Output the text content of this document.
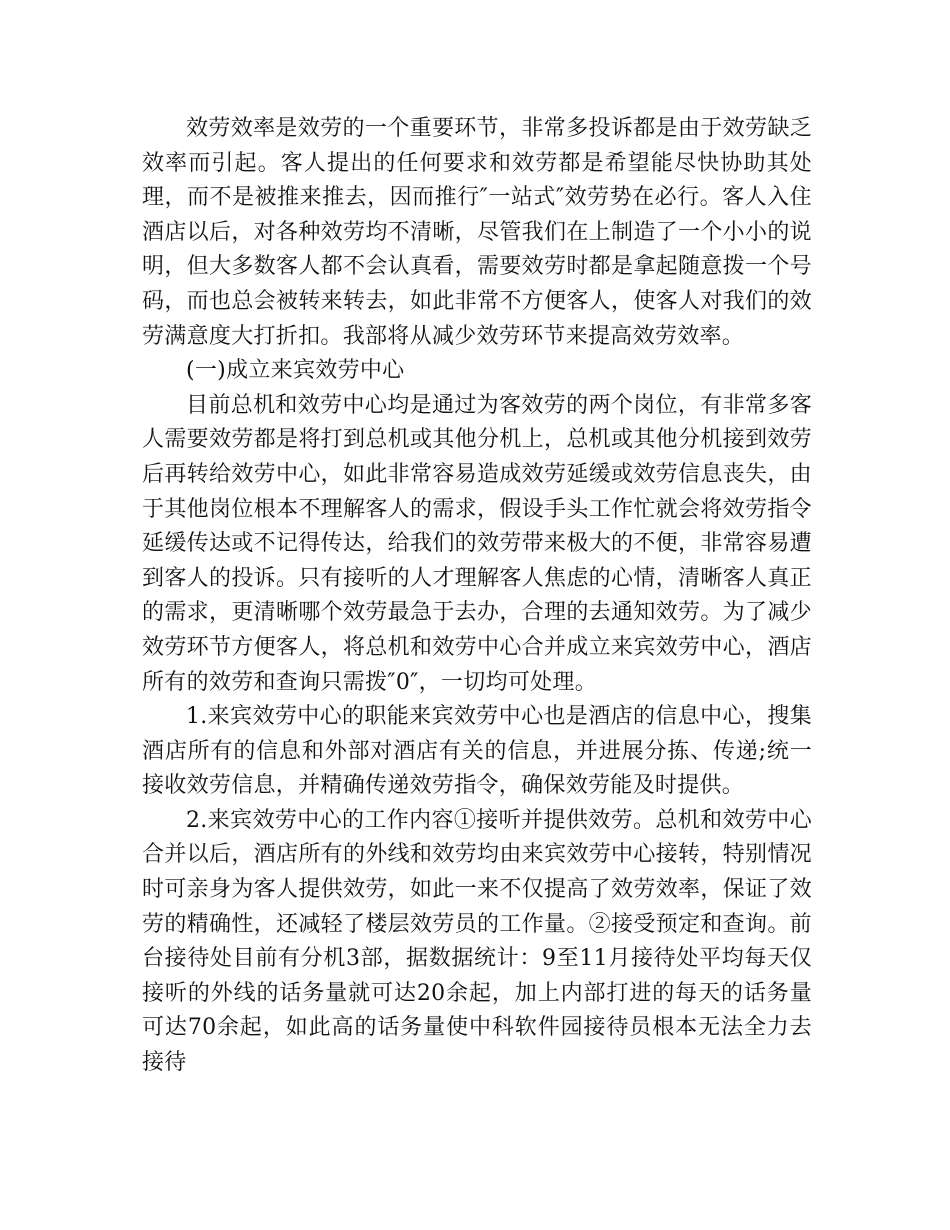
效劳效率是效劳的一个重要环节，非常多投诉都是由于效劳缺乏效率而引起。客人提出的任何要求和效劳都是希望能尽快协助其处理，而不是被推来推去，因而推行″一站式″效劳势在必行。客人入住酒店以后，对各种效劳均不清晰，尽管我们在上制造了一个小小的说明，但大多数客人都不会认真看，需要效劳时都是拿起随意拨一个号码，而也总会被转来转去，如此非常不方便客人，使客人对我们的效劳满意度大打折扣。我部将从减少效劳环节来提高效劳效率。

(一)成立来宾效劳中心

目前总机和效劳中心均是通过为客效劳的两个岗位，有非常多客人需要效劳都是将打到总机或其他分机上，总机或其他分机接到效劳后再转给效劳中心，如此非常容易造成效劳延缓或效劳信息丧失，由于其他岗位根本不理解客人的需求，假设手头工作忙就会将效劳指令延缓传达或不记得传达，给我们的效劳带来极大的不便，非常容易遭到客人的投诉。只有接听的人才理解客人焦虑的心情，清晰客人真正的需求，更清晰哪个效劳最急于去办，合理的去通知效劳。为了减少效劳环节方便客人，将总机和效劳中心合并成立来宾效劳中心，酒店所有的效劳和查询只需拨″0″，一切均可处理。

1.来宾效劳中心的职能来宾效劳中心也是酒店的信息中心，搜集酒店所有的信息和外部对酒店有关的信息，并进展分拣、传递;统一接收效劳信息，并精确传递效劳指令，确保效劳能及时提供。

2.来宾效劳中心的工作内容①接听并提供效劳。总机和效劳中心合并以后，酒店所有的外线和效劳均由来宾效劳中心接转，特别情况时可亲身为客人提供效劳，如此一来不仅提高了效劳效率，保证了效劳的精确性，还减轻了楼层效劳员的工作量。②接受预定和查询。前台接待处目前有分机3部，据数据统计：9至11月接待处平均每天仅接听的外线的话务量就可达20余起，加上内部打进的每天的话务量可达70余起，如此高的话务量使中科软件园接待员根本无法全力去接待
